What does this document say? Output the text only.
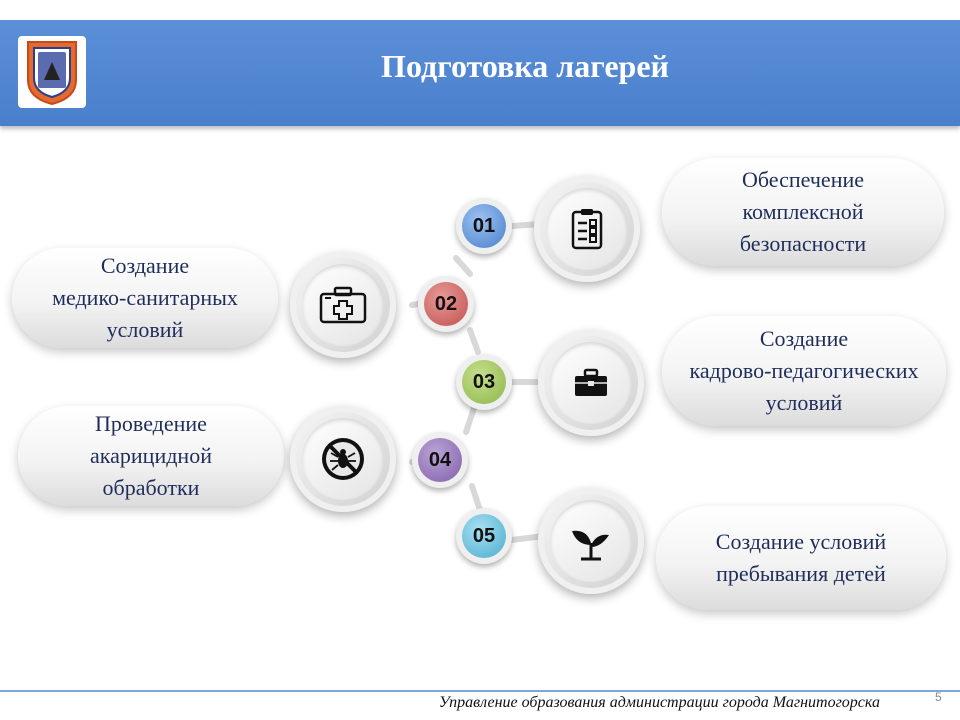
Подготовка лагерей
Создание
медико-санитарных
условий
Проведение
акарицидной
обработки
Обеспечение
комплексной
безопасности
Создание
кадрово-педагогических
условий
Создание условий
пребывания детей
01
02
03
04
05
Управление образования администрации города Магнитогорска	5
